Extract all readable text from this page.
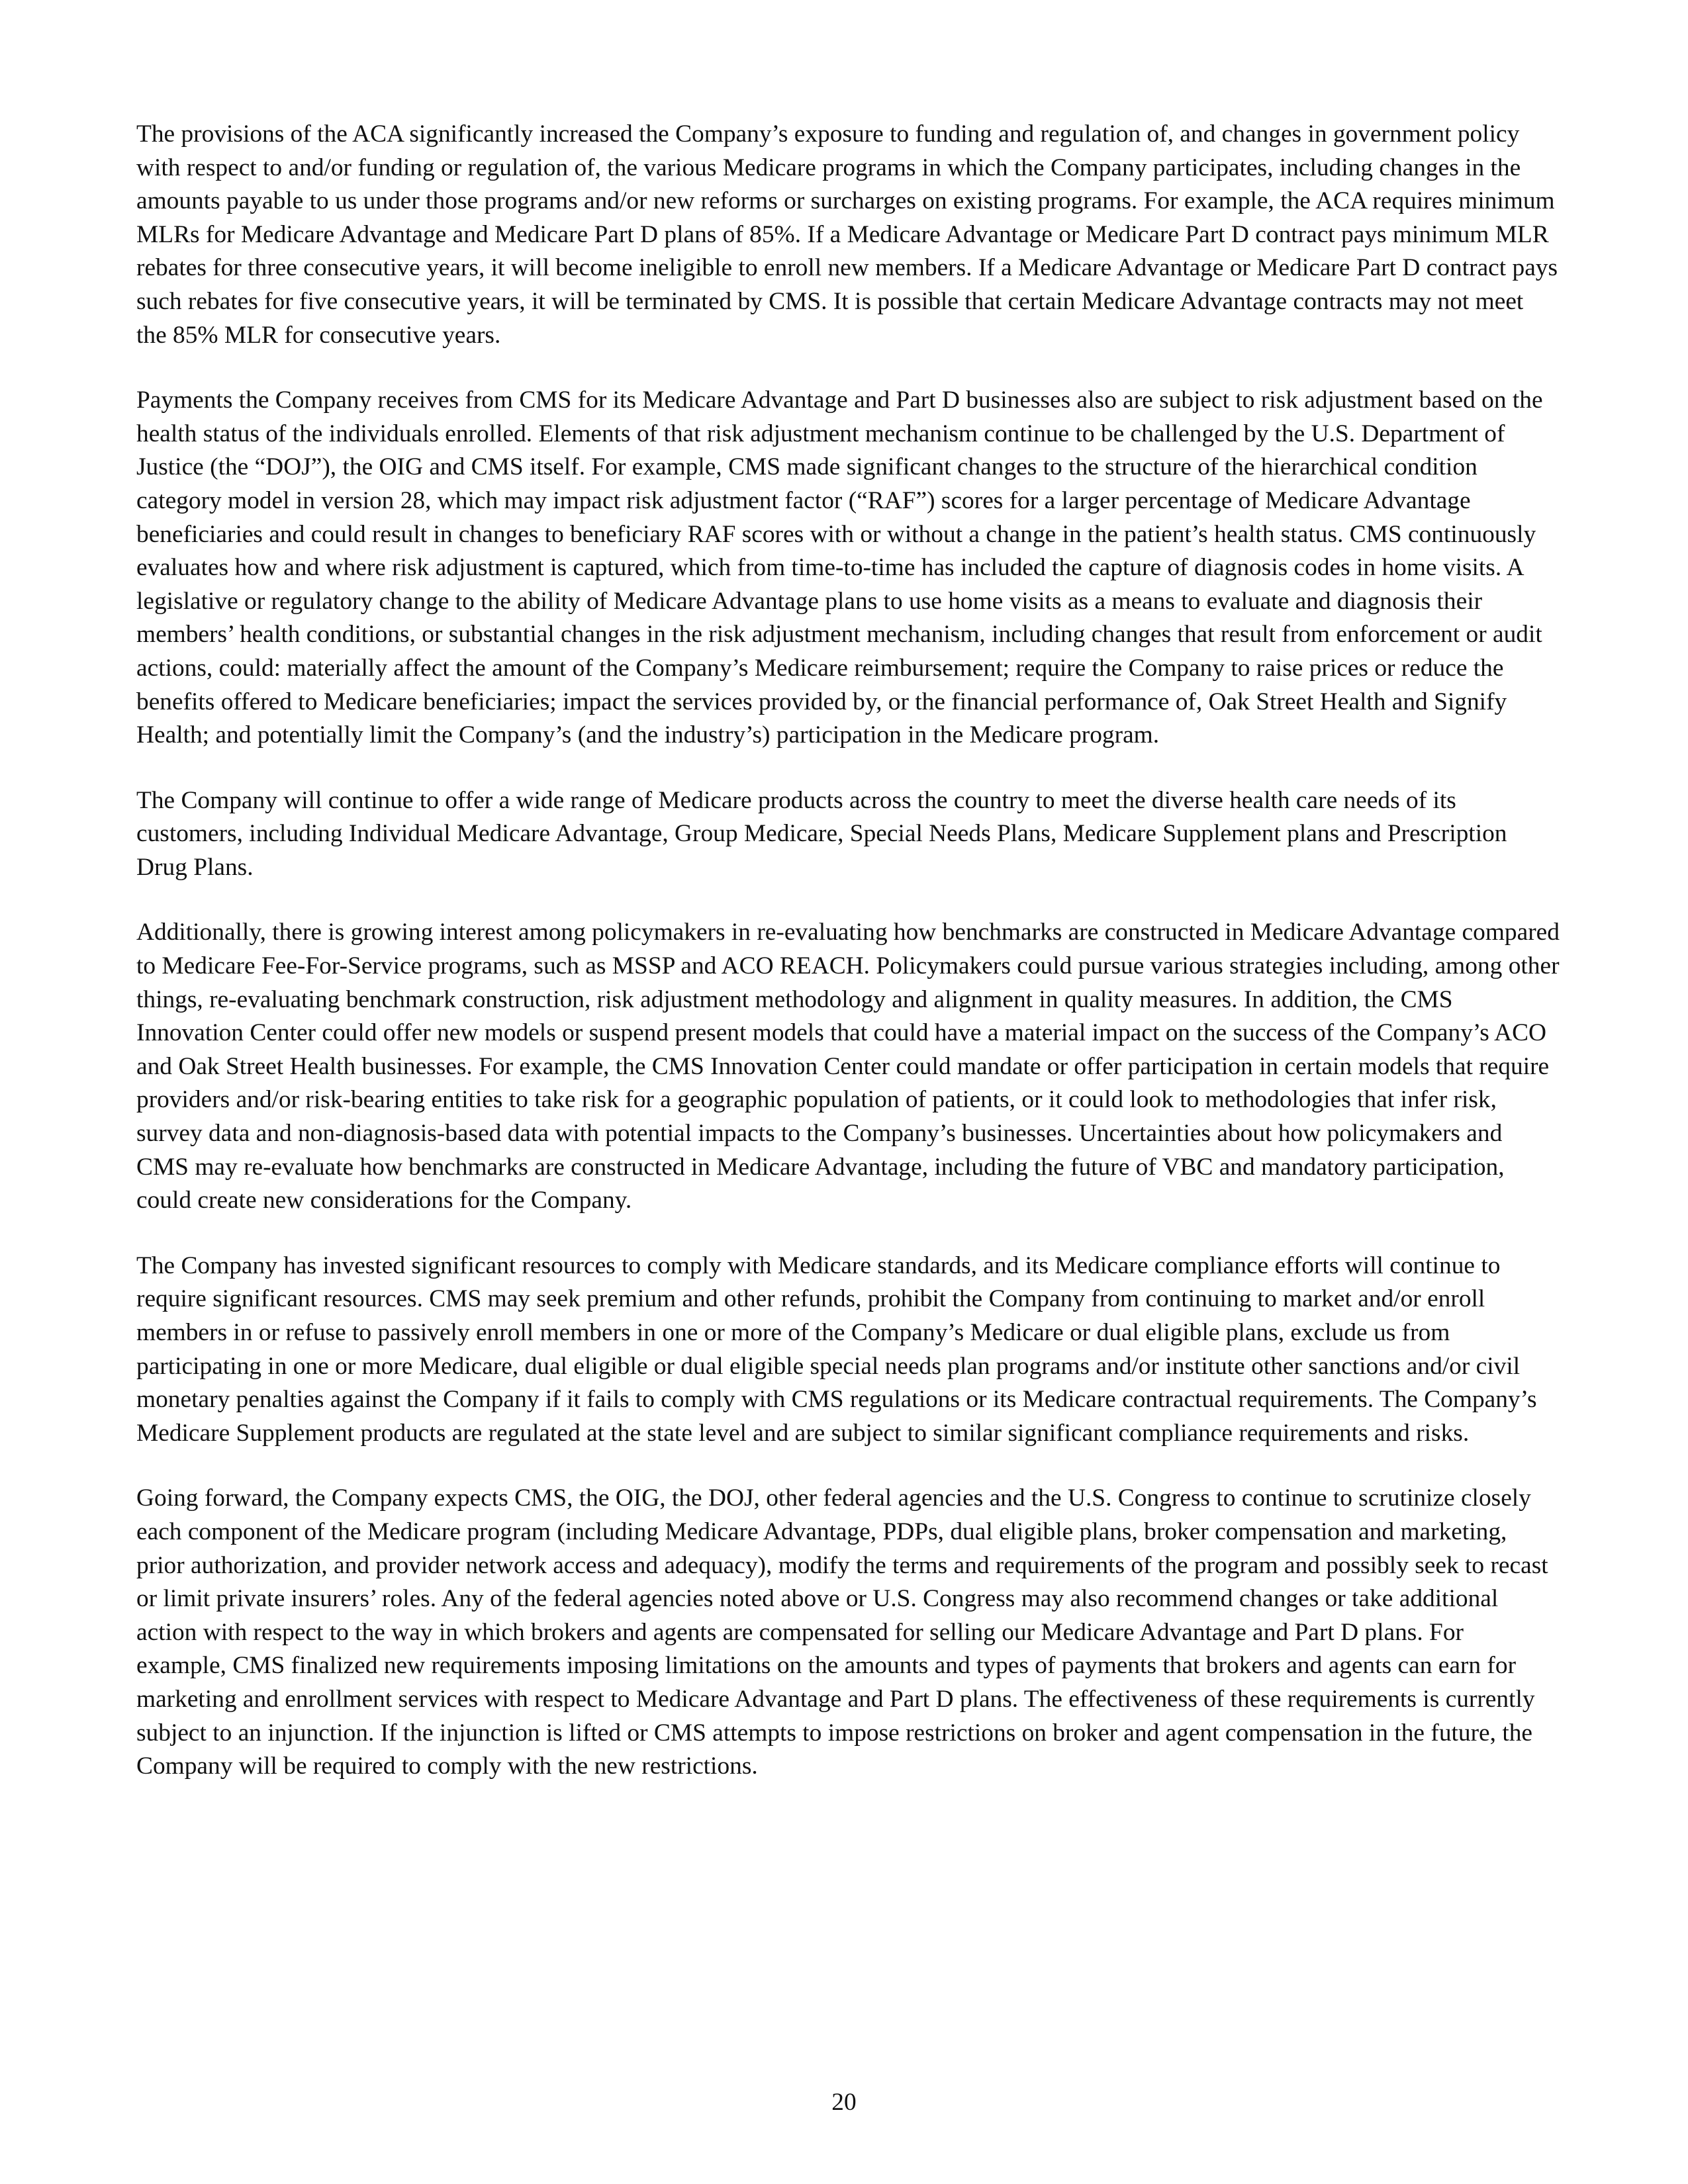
The provisions of the ACA significantly increased the Company’s exposure to funding and regulation of, and changes in government policy with respect to and/or funding or regulation of, the various Medicare programs in which the Company participates, including changes in the amounts payable to us under those programs and/or new reforms or surcharges on existing programs. For example, the ACA requires minimum MLRs for Medicare Advantage and Medicare Part D plans of 85%. If a Medicare Advantage or Medicare Part D contract pays minimum MLR rebates for three consecutive years, it will become ineligible to enroll new members. If a Medicare Advantage or Medicare Part D contract pays such rebates for five consecutive years, it will be terminated by CMS. It is possible that certain Medicare Advantage contracts may not meet the 85% MLR for consecutive years.

Payments the Company receives from CMS for its Medicare Advantage and Part D businesses also are subject to risk adjustment based on the health status of the individuals enrolled. Elements of that risk adjustment mechanism continue to be challenged by the U.S. Department of Justice (the “DOJ”), the OIG and CMS itself. For example, CMS made significant changes to the structure of the hierarchical condition category model in version 28, which may impact risk adjustment factor (“RAF”) scores for a larger percentage of Medicare Advantage beneficiaries and could result in changes to beneficiary RAF scores with or without a change in the patient’s health status. CMS continuously evaluates how and where risk adjustment is captured, which from time-to-time has included the capture of diagnosis codes in home visits. A legislative or regulatory change to the ability of Medicare Advantage plans to use home visits as a means to evaluate and diagnosis their members’ health conditions, or substantial changes in the risk adjustment mechanism, including changes that result from enforcement or audit actions, could: materially affect the amount of the Company’s Medicare reimbursement; require the Company to raise prices or reduce the benefits offered to Medicare beneficiaries; impact the services provided by, or the financial performance of, Oak Street Health and Signify Health; and potentially limit the Company’s (and the industry’s) participation in the Medicare program.

The Company will continue to offer a wide range of Medicare products across the country to meet the diverse health care needs of its customers, including Individual Medicare Advantage, Group Medicare, Special Needs Plans, Medicare Supplement plans and Prescription Drug Plans.

Additionally, there is growing interest among policymakers in re-evaluating how benchmarks are constructed in Medicare Advantage compared to Medicare Fee-For-Service programs, such as MSSP and ACO REACH. Policymakers could pursue various strategies including, among other things, re-evaluating benchmark construction, risk adjustment methodology and alignment in quality measures. In addition, the CMS Innovation Center could offer new models or suspend present models that could have a material impact on the success of the Company’s ACO and Oak Street Health businesses. For example, the CMS Innovation Center could mandate or offer participation in certain models that require providers and/or risk-bearing entities to take risk for a geographic population of patients, or it could look to methodologies that infer risk, survey data and non-diagnosis-based data with potential impacts to the Company’s businesses. Uncertainties about how policymakers and CMS may re-evaluate how benchmarks are constructed in Medicare Advantage, including the future of VBC and mandatory participation, could create new considerations for the Company.

The Company has invested significant resources to comply with Medicare standards, and its Medicare compliance efforts will continue to require significant resources. CMS may seek premium and other refunds, prohibit the Company from continuing to market and/or enroll members in or refuse to passively enroll members in one or more of the Company’s Medicare or dual eligible plans, exclude us from participating in one or more Medicare, dual eligible or dual eligible special needs plan programs and/or institute other sanctions and/or civil monetary penalties against the Company if it fails to comply with CMS regulations or its Medicare contractual requirements. The Company’s Medicare Supplement products are regulated at the state level and are subject to similar significant compliance requirements and risks.

Going forward, the Company expects CMS, the OIG, the DOJ, other federal agencies and the U.S. Congress to continue to scrutinize closely each component of the Medicare program (including Medicare Advantage, PDPs, dual eligible plans, broker compensation and marketing, prior authorization, and provider network access and adequacy), modify the terms and requirements of the program and possibly seek to recast or limit private insurers’ roles. Any of the federal agencies noted above or U.S. Congress may also recommend changes or take additional action with respect to the way in which brokers and agents are compensated for selling our Medicare Advantage and Part D plans. For example, CMS finalized new requirements imposing limitations on the amounts and types of payments that brokers and agents can earn for marketing and enrollment services with respect to Medicare Advantage and Part D plans. The effectiveness of these requirements is currently subject to an injunction. If the injunction is lifted or CMS attempts to impose restrictions on broker and agent compensation in the future, the Company will be required to comply with the new restrictions.

20
